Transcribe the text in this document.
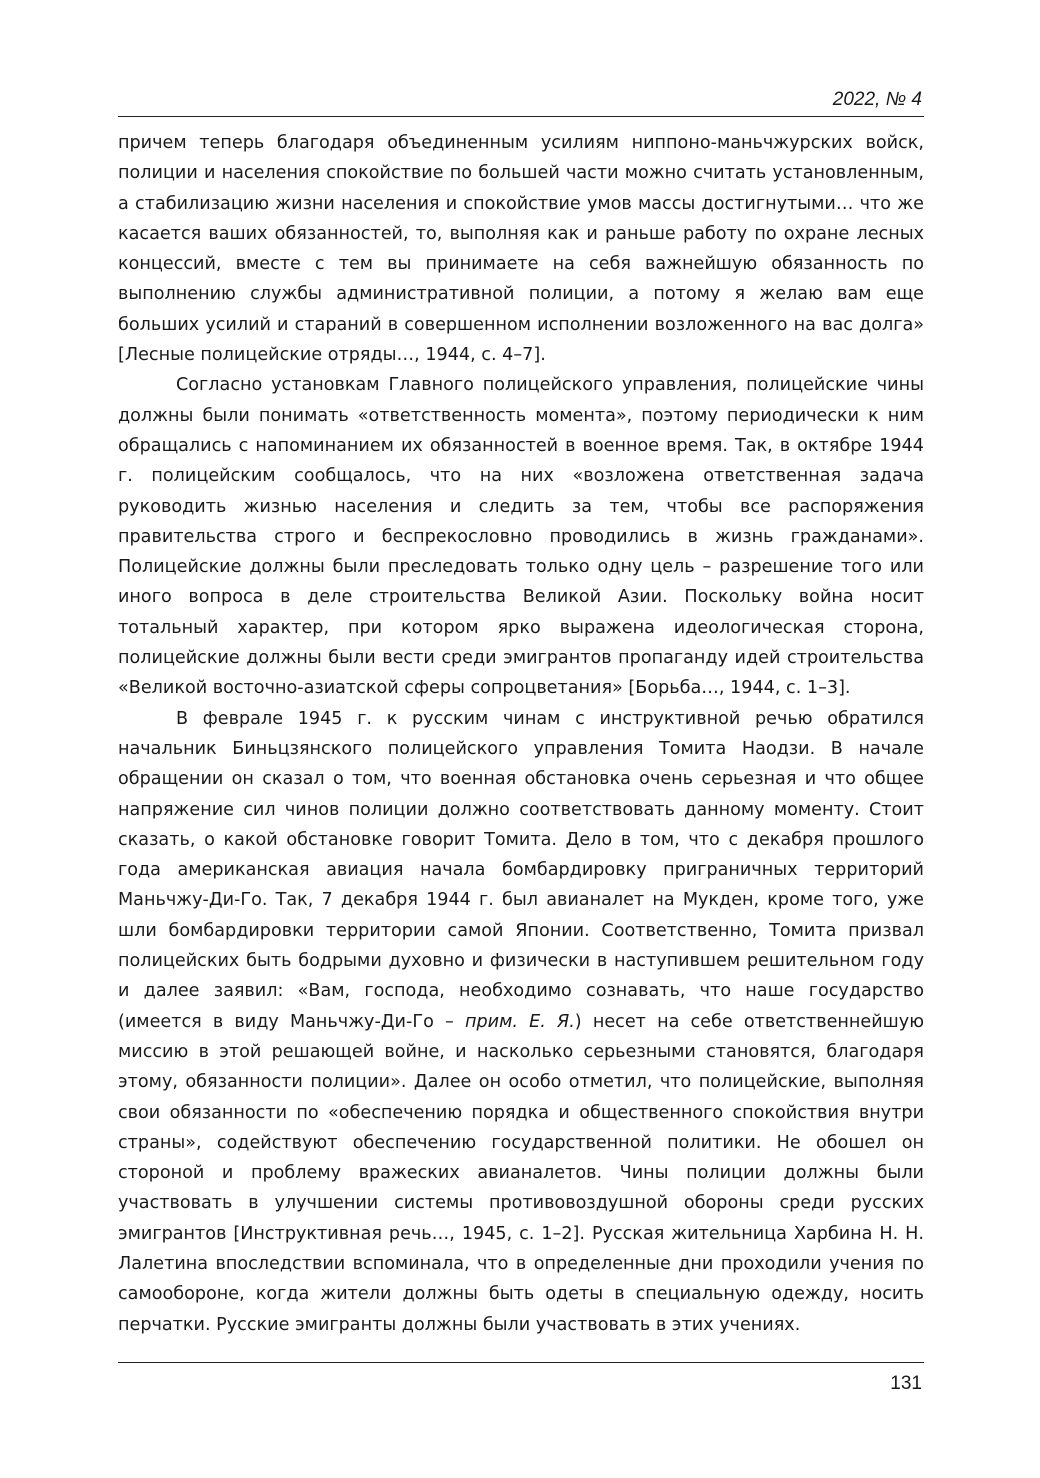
2022, № 4

причем теперь благодаря объединенным усилиям ниппоно-маньчжурских войск, полиции и населения спокойствие по большей части можно считать установленным, а стабилизацию жизни населения и спокойствие умов массы достигнутыми… что же касается ваших обязанностей, то, выполняя как и раньше работу по охране лесных концессий, вместе с тем вы принимаете на себя важнейшую обязанность по выполнению службы административной полиции, а потому я желаю вам еще больших усилий и стараний в совершенном исполнении возложенного на вас долга» [Лесные полицейские отряды…, 1944, с. 4–7].

Согласно установкам Главного полицейского управления, полицейские чины должны были понимать «ответственность момента», поэтому периодически к ним обращались с напоминанием их обязанностей в военное время. Так, в октябре 1944 г. полицейским сообщалось, что на них «возложена ответственная задача руководить жизнью населения и следить за тем, чтобы все распоряжения правительства строго и беспрекословно проводились в жизнь гражданами». Полицейские должны были преследовать только одну цель – разрешение того или иного вопроса в деле строительства Великой Азии. Поскольку война носит тотальный характер, при котором ярко выражена идеологическая сторона, полицейские должны были вести среди эмигрантов пропаганду идей строительства «Великой восточно-азиатской сферы сопроцветания» [Борьба…, 1944, с. 1–3].

В феврале 1945 г. к русским чинам с инструктивной речью обратился начальник Биньцзянского полицейского управления Томита Наодзи. В начале обращении он сказал о том, что военная обстановка очень серьезная и что общее напряжение сил чинов полиции должно соответствовать данному моменту. Стоит сказать, о какой обстановке говорит Томита. Дело в том, что с декабря прошлого года американская авиация начала бомбардировку приграничных территорий Маньчжу-Ди-Го. Так, 7 декабря 1944 г. был авианалет на Мукден, кроме того, уже шли бомбардировки территории самой Японии. Соответственно, Томита призвал полицейских быть бодрыми духовно и физически в наступившем решительном году и далее заявил: «Вам, господа, необходимо сознавать, что наше государство (имеется в виду Маньчжу-Ди-Го – прим. Е. Я.) несет на себе ответственнейшую миссию в этой решающей войне, и насколько серьезными становятся, благодаря этому, обязанности полиции». Далее он особо отметил, что полицейские, выполняя свои обязанности по «обеспечению порядка и общественного спокойствия внутри страны», содействуют обеспечению государственной политики. Не обошел он стороной и проблему вражеских авианалетов. Чины полиции должны были участвовать в улучшении системы противовоздушной обороны среди русских эмигрантов [Инструктивная речь…, 1945, с. 1–2]. Русская жительница Харбина Н. Н. Лалетина впоследствии вспоминала, что в определенные дни проходили учения по самообороне, когда жители должны быть одеты в специальную одежду, носить перчатки. Русские эмигранты должны были участвовать в этих учениях.

131
